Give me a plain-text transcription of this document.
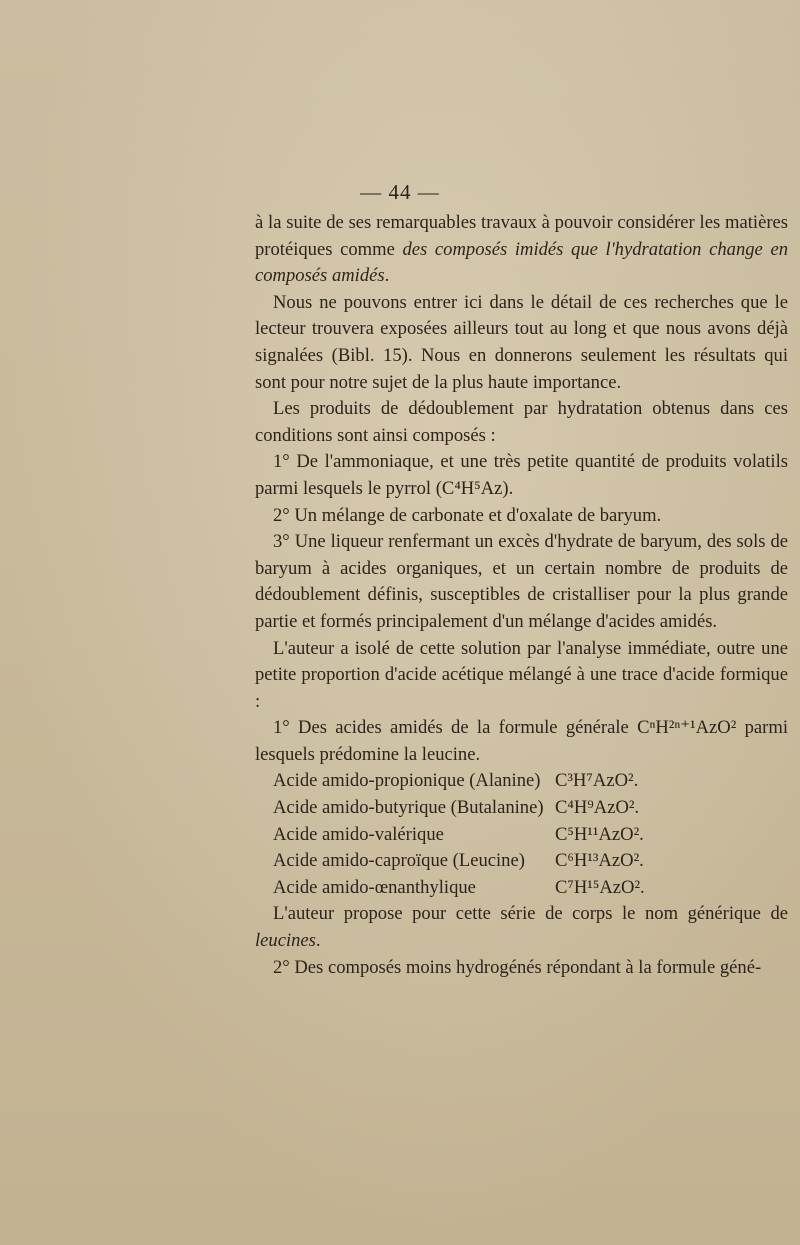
— 44 —

à la suite de ses remarquables travaux à pouvoir considérer les matières protéiques comme des composés imidés que l'hydratation change en composés amidés.

Nous ne pouvons entrer ici dans le détail de ces recherches que le lecteur trouvera exposées ailleurs tout au long et que nous avons déjà signalées (Bibl. 15). Nous en donnerons seulement les résultats qui sont pour notre sujet de la plus haute importance.

Les produits de dédoublement par hydratation obtenus dans ces conditions sont ainsi composés :

1° De l'ammoniaque, et une très petite quantité de produits volatils parmi lesquels le pyrrol (C⁴H⁵Az).

2° Un mélange de carbonate et d'oxalate de baryum.

3° Une liqueur renfermant un excès d'hydrate de baryum, des sols de baryum à acides organiques, et un certain nombre de produits de dédoublement définis, susceptibles de cristalliser pour la plus grande partie et formés principalement d'un mélange d'acides amidés.

L'auteur a isolé de cette solution par l'analyse immédiate, outre une petite proportion d'acide acétique mélangé à une trace d'acide formique :

1° Des acides amidés de la formule générale CⁿH²ⁿ⁺¹AzO² parmi lesquels prédomine la leucine.

Acide amido-propionique (Alanine) C³H⁷AzO².
Acide amido-butyrique (Butalanine) C⁴H⁹AzO².
Acide amido-valérique	C⁵H¹¹AzO².
Acide amido-caproïque (Leucine)	C⁶H¹³AzO².
Acide amido-œnanthylique	C⁷H¹⁵AzO².

L'auteur propose pour cette série de corps le nom générique de leucines.

2° Des composés moins hydrogénés répondant à la formule géné-
